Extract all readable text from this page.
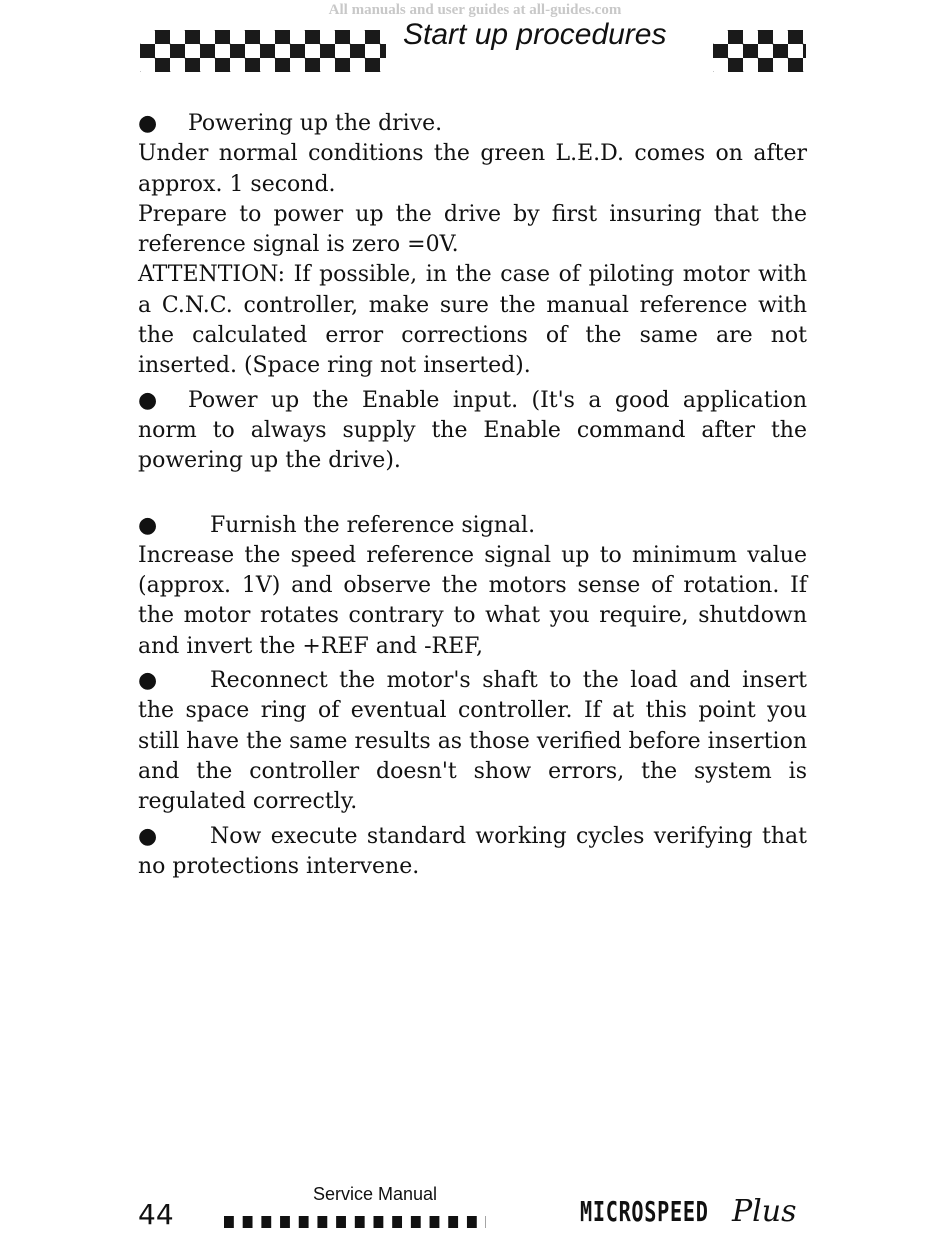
All manuals and user guides at all-guides.com
Start up procedures
●	Powering up the drive.

Under normal conditions the green L.E.D. comes on after approx. 1 second.

Prepare to power up the drive by first insuring that the reference signal is zero =0V.

ATTENTION: If possible, in the case of piloting motor with a C.N.C. controller, make sure the manual reference with the calculated error corrections of the same are not inserted. (Space ring not inserted).

●	Power up the Enable input. (It's a good application norm to always supply the Enable command after the powering up the drive).
●	Furnish the reference signal.

Increase the speed reference signal up to minimum value (approx. 1V) and observe the motors sense of rotation. If the motor rotates contrary to what you require, shutdown and invert the +REF and -REF,

●	Reconnect the motor's shaft to the load and insert the space ring of eventual controller. If at this point you still have the same results as those verified before insertion and the controller doesn't show errors, the system is regulated correctly.
●	Now execute standard working cycles verifying that no protections intervene.
44
Service Manual
MICROSPEED Plus
